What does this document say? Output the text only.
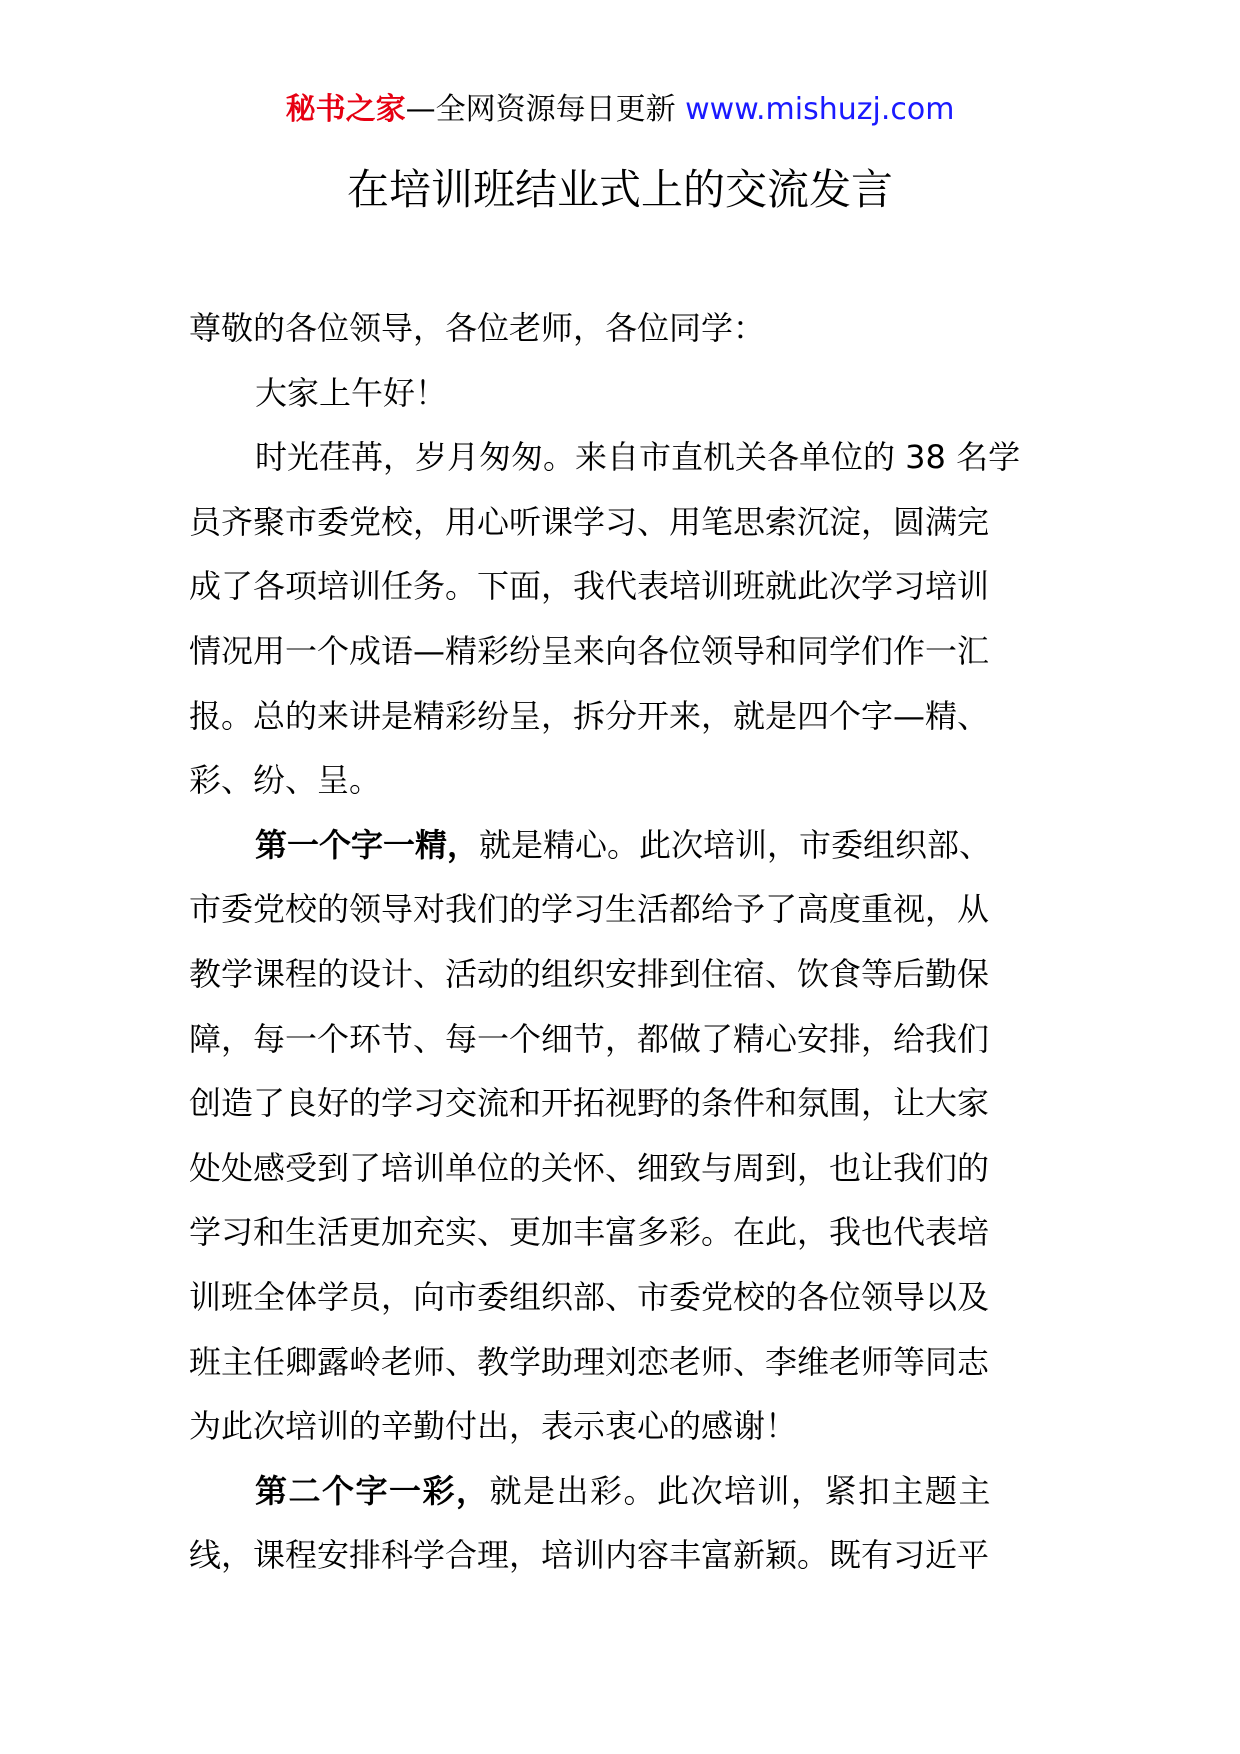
秘书之家—全网资源每日更新 www.mishuzj.com
在培训班结业式上的交流发言
尊敬的各位领导，各位老师，各位同学：
大家上午好！
时光荏苒，岁月匆匆。来自市直机关各单位的 38 名学
员齐聚市委党校，用心听课学习、用笔思索沉淀，圆满完
成了各项培训任务。下面，我代表培训班就此次学习培训
情况用一个成语—精彩纷呈来向各位领导和同学们作一汇
报。总的来讲是精彩纷呈，拆分开来，就是四个字—精、
彩、纷、呈。
第一个字一精，就是精心。此次培训，市委组织部、
市委党校的领导对我们的学习生活都给予了高度重视，从
教学课程的设计、活动的组织安排到住宿、饮食等后勤保
障，每一个环节、每一个细节，都做了精心安排，给我们
创造了良好的学习交流和开拓视野的条件和氛围，让大家
处处感受到了培训单位的关怀、细致与周到，也让我们的
学习和生活更加充实、更加丰富多彩。在此，我也代表培
训班全体学员，向市委组织部、市委党校的各位领导以及
班主任卿露岭老师、教学助理刘恋老师、李维老师等同志
为此次培训的辛勤付出，表示衷心的感谢！
第二个字一彩，就是出彩。此次培训，紧扣主题主
线，课程安排科学合理，培训内容丰富新颖。既有习近平
